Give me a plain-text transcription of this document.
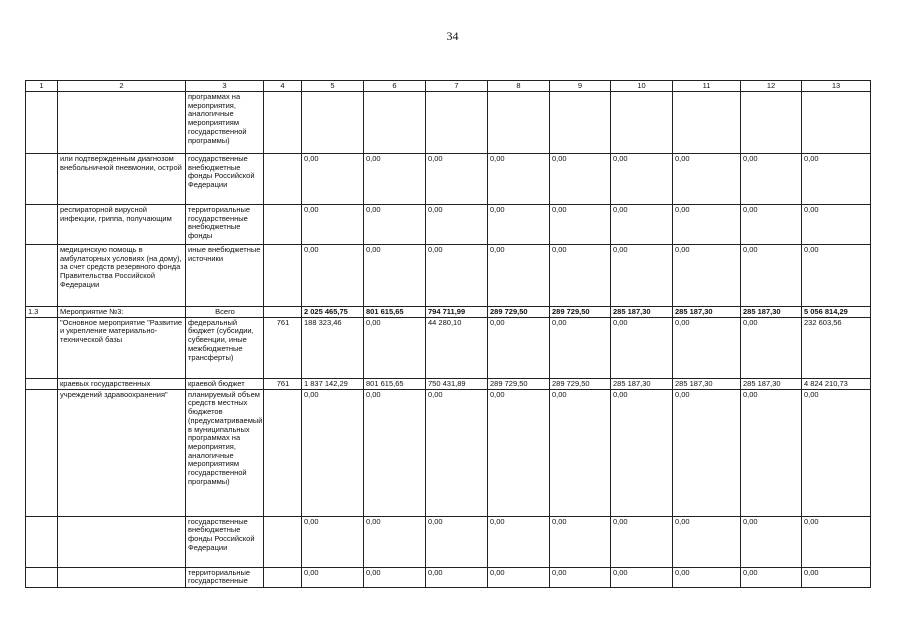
34
1	2	3	4	5	6	7	8	9	10	11	12	13
		программах на мероприятия, аналогичные мероприятиям государственной программы)										
	или подтвержденным диагнозом внебольничной пневмонии, острой	государственные внебюджетные фонды Российской Федерации		0,00	0,00	0,00	0,00	0,00	0,00	0,00	0,00	0,00
	респираторной вирусной инфекции, гриппа, получающим	территориальные государственные внебюджетные фонды		0,00	0,00	0,00	0,00	0,00	0,00	0,00	0,00	0,00
	медицинскую помощь в амбулаторных условиях (на дому), за счет средств резервного фонда Правительства Российской Федерации	иные внебюджетные источники		0,00	0,00	0,00	0,00	0,00	0,00	0,00	0,00	0,00
1.3	Мероприятие №3:	Всего		2 025 465,75	801 615,65	794 711,99	289 729,50	289 729,50	285 187,30	285 187,30	285 187,30	5 056 814,29
	"Основное мероприятие "Развитие и укрепление материально-технической базы	федеральный бюджет (субсидии, субвенции, иные межбюджетные трансферты)	761	188 323,46	0,00	44 280,10	0,00	0,00	0,00	0,00	0,00	232 603,56
	краевых государственных	краевой бюджет	761	1 837 142,29	801 615,65	750 431,89	289 729,50	289 729,50	285 187,30	285 187,30	285 187,30	4 824 210,73
	учреждений здравоохранения"	планируемый объем средств местных бюджетов (предусматриваемый в муниципальных программах на мероприятия, аналогичные мероприятиям государственной программы)		0,00	0,00	0,00	0,00	0,00	0,00	0,00	0,00	0,00
		государственные внебюджетные фонды Российской Федерации		0,00	0,00	0,00	0,00	0,00	0,00	0,00	0,00	0,00
		территориальные государственные		0,00	0,00	0,00	0,00	0,00	0,00	0,00	0,00	0,00
